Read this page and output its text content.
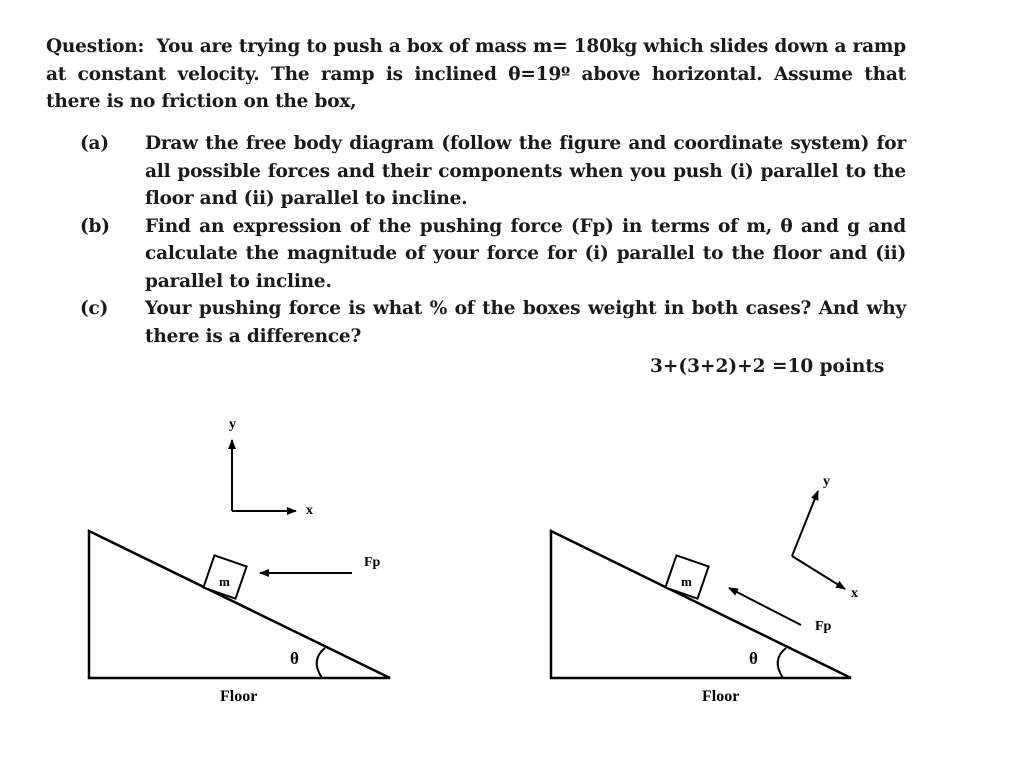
Question: You are trying to push a box of mass m= 180kg which slides down a ramp at constant velocity. The ramp is inclined θ=19º above horizontal. Assume that there is no friction on the box,
(a)	Draw the free body diagram (follow the figure and coordinate system) for all possible forces and their components when you push (i) parallel to the floor and (ii) parallel to incline.
(b)	Find an expression of the pushing force (Fp) in terms of m, θ and g and calculate the magnitude of your force for (i) parallel to the floor and (ii) parallel to incline.
(c)	Your pushing force is what % of the boxes weight in both cases? And why there is a difference?
3+(3+2)+2 =10 points
m
Fp
θ
Floor
y
x
m
Fp
θ
Floor
y
x
